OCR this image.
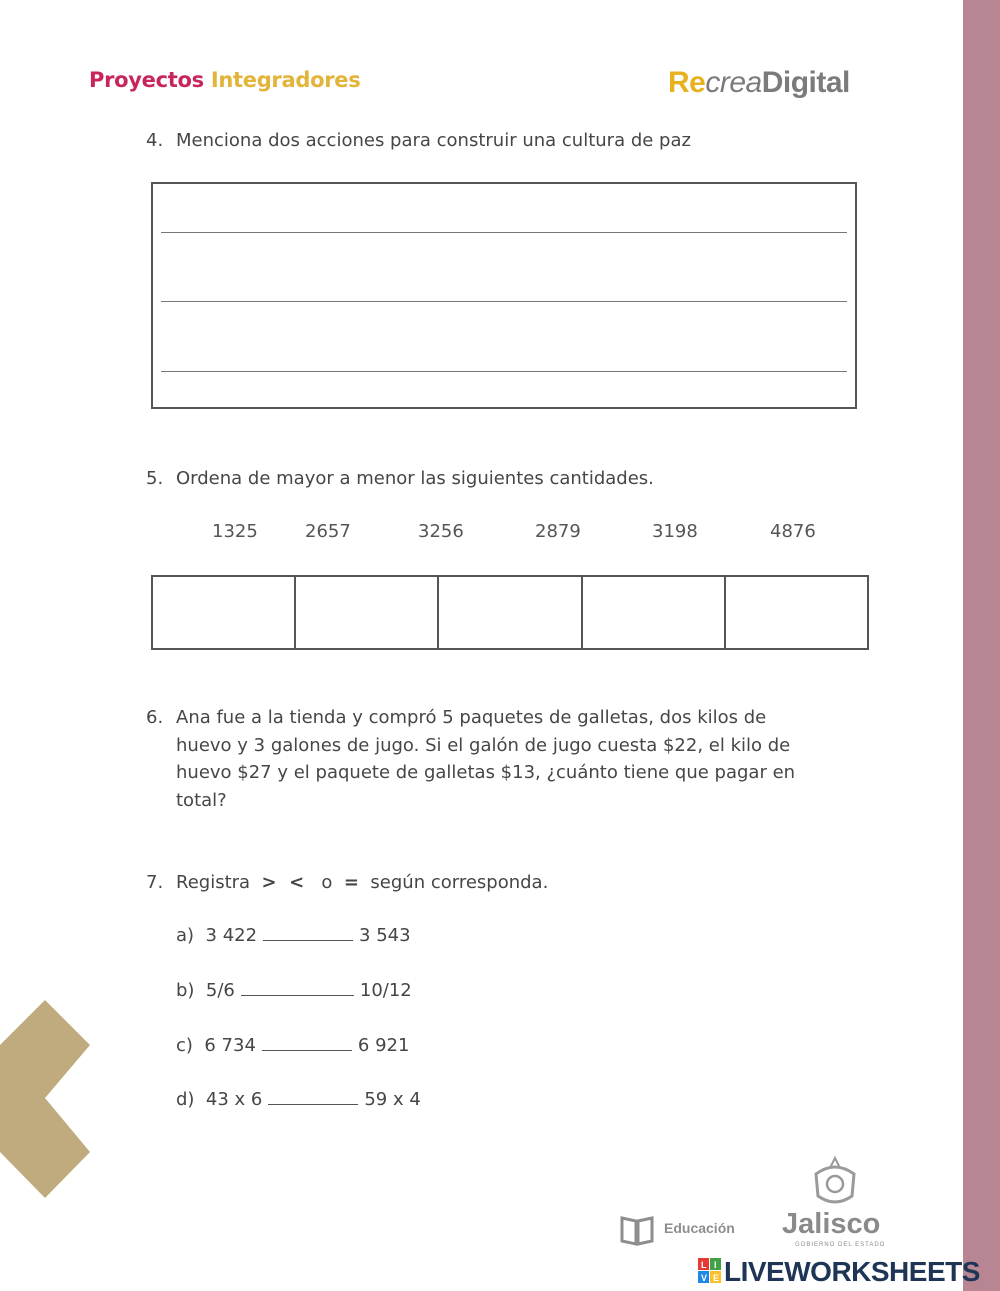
Proyectos Integradores	RecreaDigital
4. Menciona dos acciones para construir una cultura de paz
5. Ordena de mayor a menor las siguientes cantidades.
1325	2657	3256	2879	3198	4876
6. Ana fue a la tienda y compró 5 paquetes de galletas, dos kilos de
huevo y 3 galones de jugo. Si el galón de jugo cuesta $22, el kilo de
huevo $27 y el paquete de galletas $13, ¿cuánto tiene que pagar en
total?
7. Registra >  < o = según corresponda.
a) 3 422	3 543
b) 5/6	10/12
c) 6 734	6 921
d) 43 x 6	59 x 4
Educación Jalisco
GOBIERNO DEL ESTADO
L I
V E LIVEWORKSHEETS
